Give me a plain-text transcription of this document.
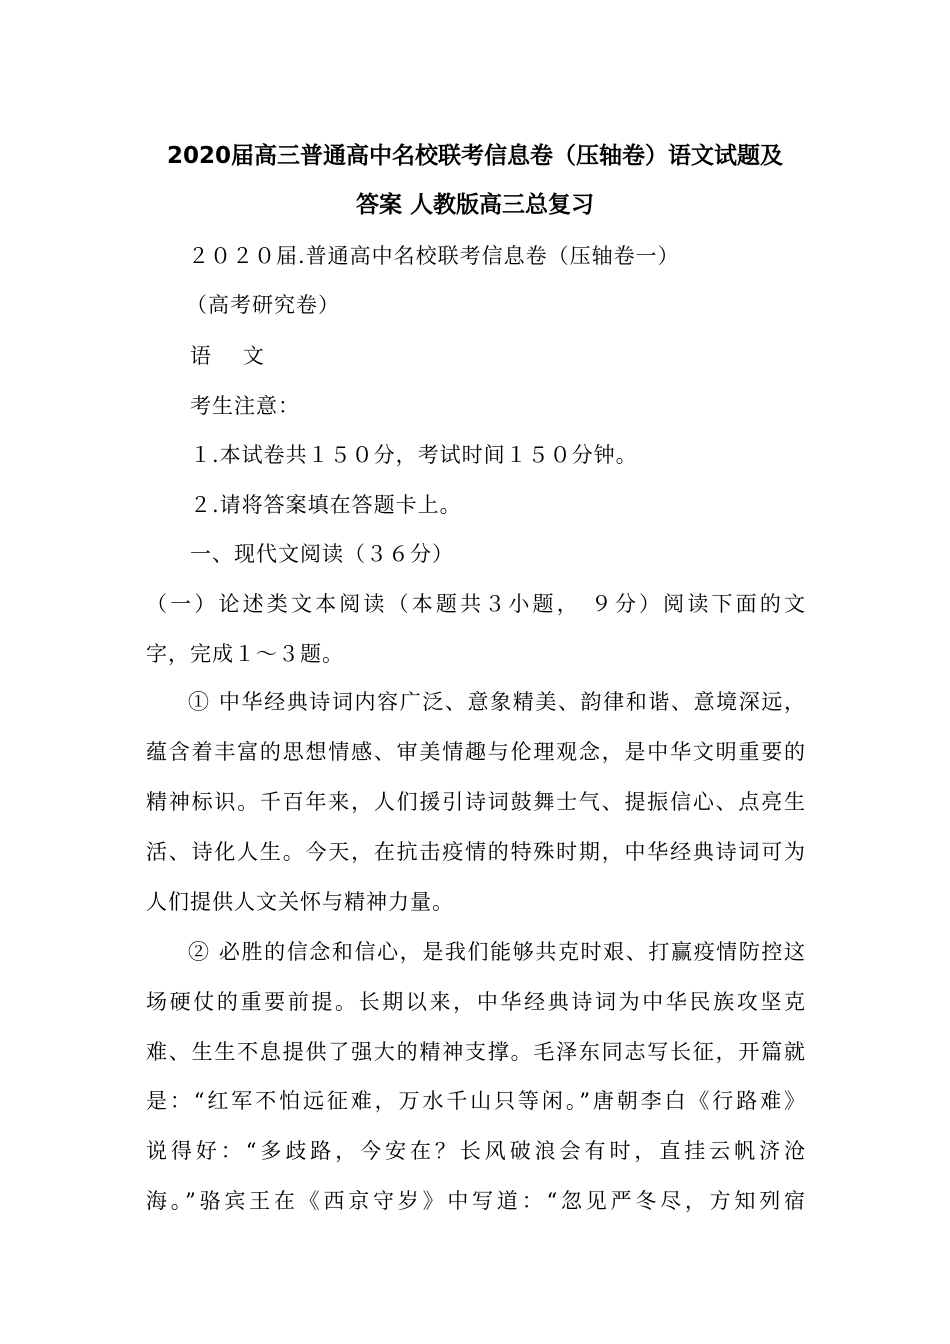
2020届高三普通高中名校联考信息卷（压轴卷）语文试题及
答案 人教版高三总复习
２０２０届.普通高中名校联考信息卷（压轴卷一）
（高考研究卷）
语    文
考生注意：
１.本试卷共１５０分，考试时间１５０分钟。
２.请将答案填在答题卡上。
一、现代文阅读（３６分）
（一）论述类文本阅读（本题共３小题， ９分）阅读下面的文
字，完成１～３题。
① 中华经典诗词内容广泛、意象精美、韵律和谐、意境深远，
蕴含着丰富的思想情感、审美情趣与伦理观念，是中华文明重要的
精神标识。千百年来，人们援引诗词鼓舞士气、提振信心、点亮生
活、诗化人生。今天，在抗击疫情的特殊时期，中华经典诗词可为
人们提供人文关怀与精神力量。
② 必胜的信念和信心，是我们能够共克时艰、打赢疫情防控这
场硬仗的重要前提。长期以来，中华经典诗词为中华民族攻坚克
难、生生不息提供了强大的精神支撑。毛泽东同志写长征，开篇就
是：“红军不怕远征难，万水千山只等闲。”唐朝李白《行路难》
说得好：“多歧路，今安在？长风破浪会有时，直挂云帆济沧
海。”骆宾王在《西京守岁》中写道：“忽见严冬尽，方知列宿
